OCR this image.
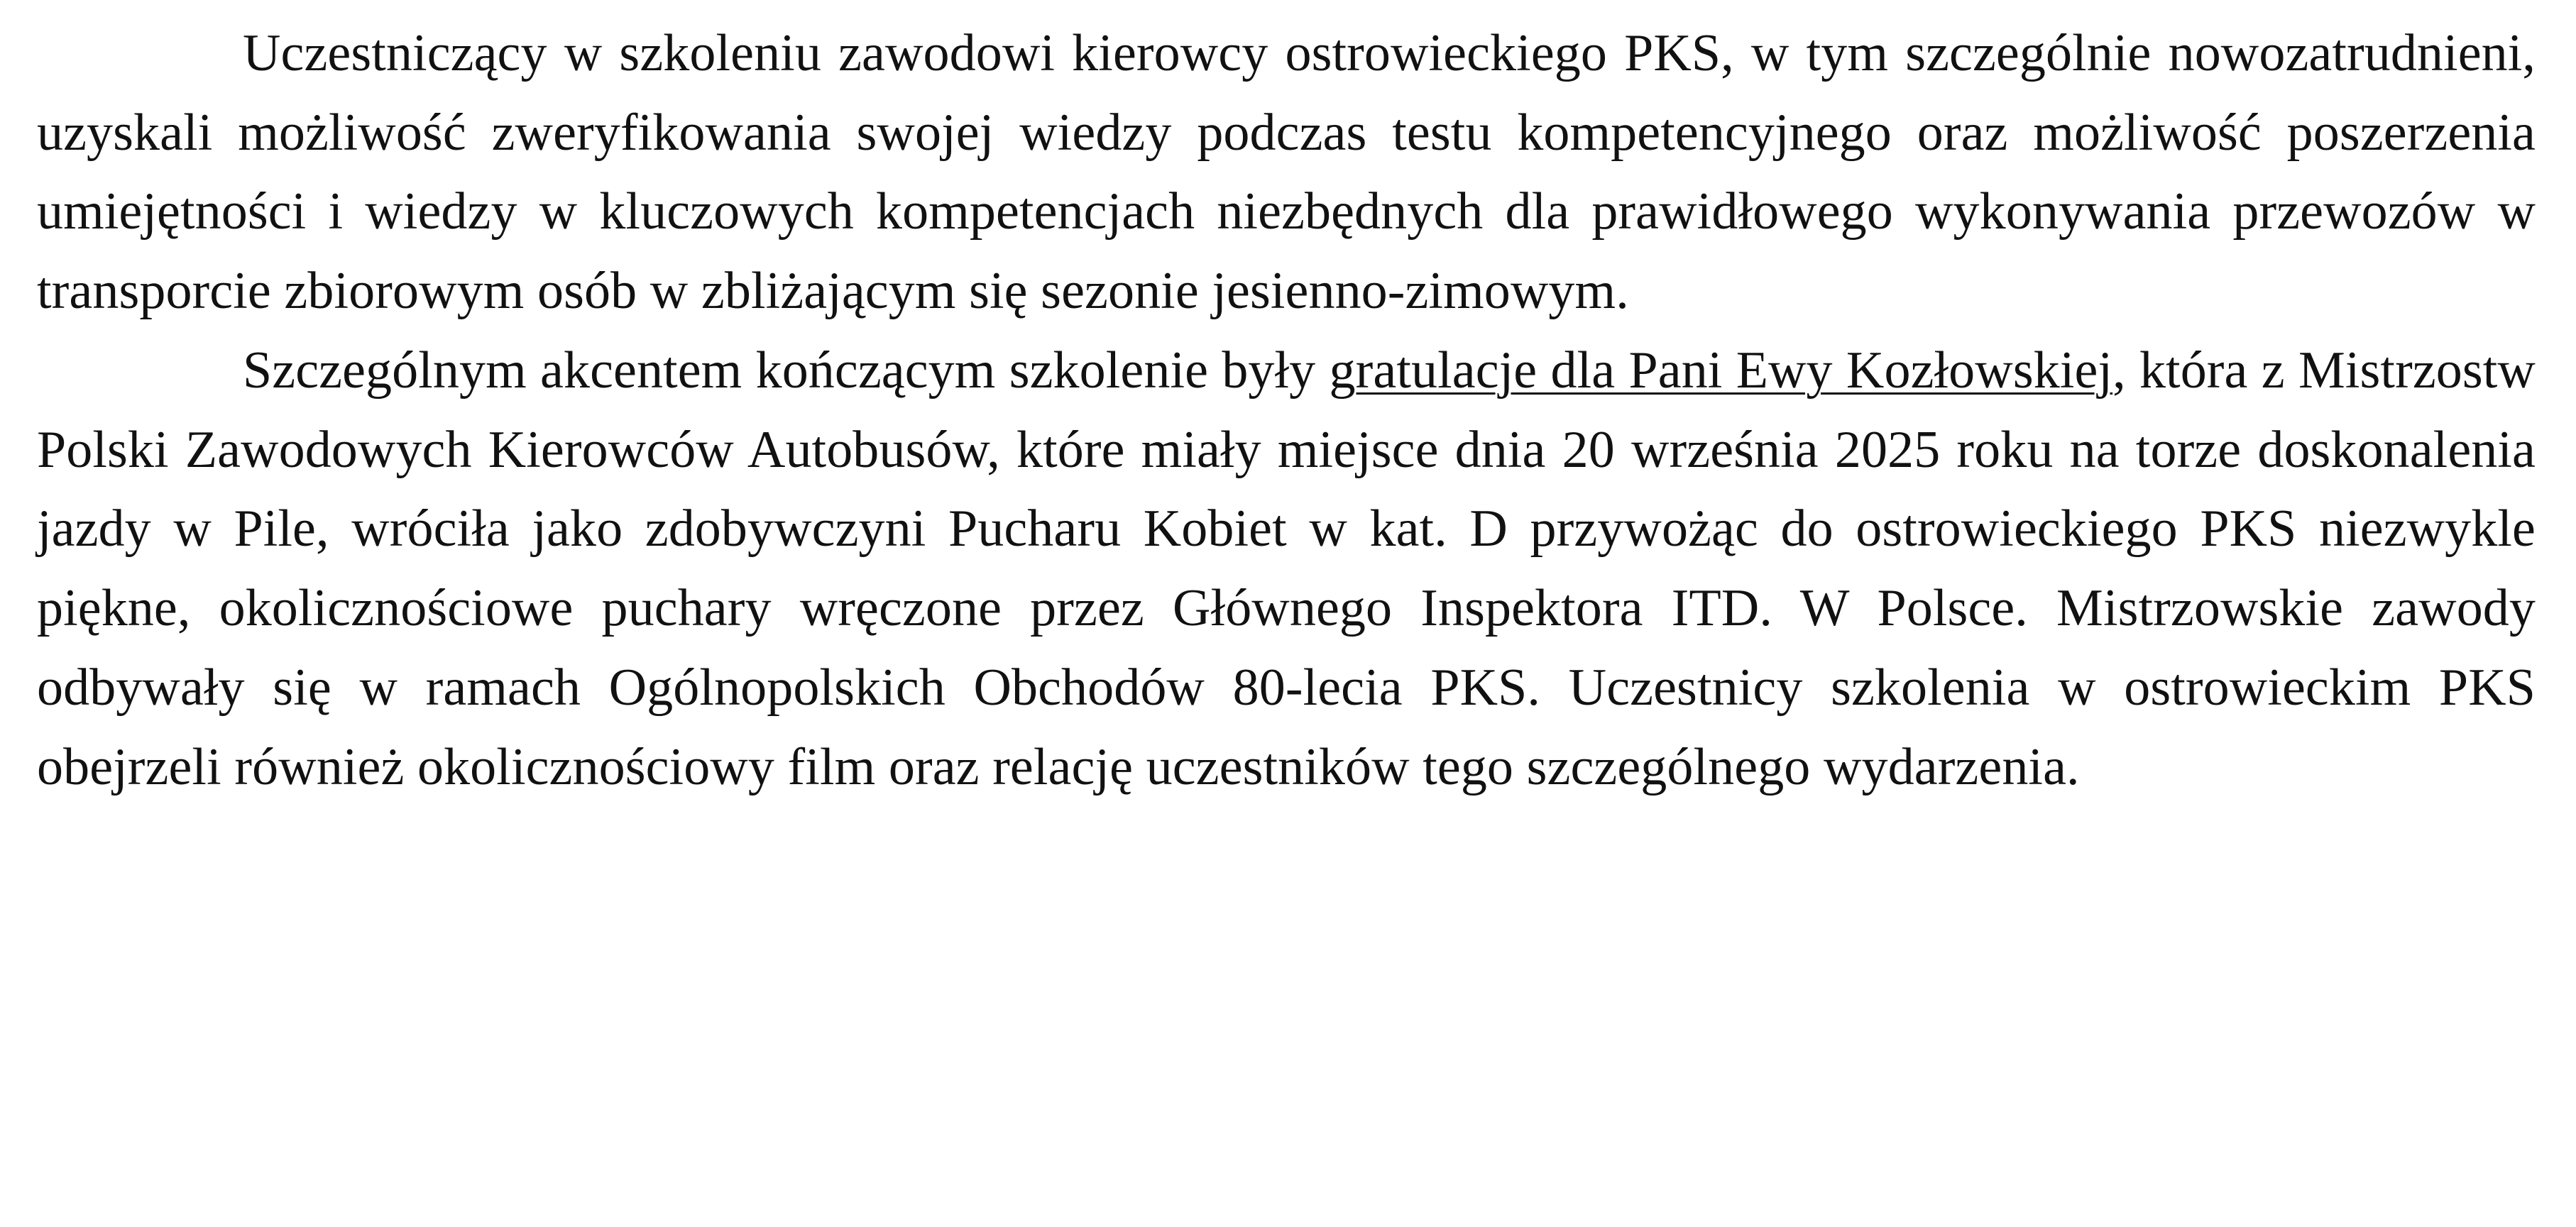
Uczestniczący w szkoleniu zawodowi kierowcy ostrowieckiego PKS, w tym szczególnie nowozatrudnieni, uzyskali możliwość zweryfikowania swojej wiedzy podczas testu kompetencyjnego oraz możliwość poszerzenia umiejętności i wiedzy w kluczowych kompetencjach niezbędnych dla prawidłowego wykonywania przewozów w transporcie zbiorowym osób w zbliżającym się sezonie jesienno-zimowym.

Szczególnym akcentem kończącym szkolenie były gratulacje dla Pani Ewy Kozłowskiej, która z Mistrzostw Polski Zawodowych Kierowców Autobusów, które miały miejsce dnia 20 września 2025 roku na torze doskonalenia jazdy w Pile, wróciła jako zdobywczyni Pucharu Kobiet w kat. D przywożąc do ostrowieckiego PKS niezwykle piękne, okolicznościowe puchary wręczone przez Głównego Inspektora ITD. W Polsce. Mistrzowskie zawody odbywały się w ramach Ogólnopolskich Obchodów 80-lecia PKS. Uczestnicy szkolenia w ostrowieckim PKS obejrzeli również okolicznościowy film oraz relację uczestników tego szczególnego wydarzenia.
